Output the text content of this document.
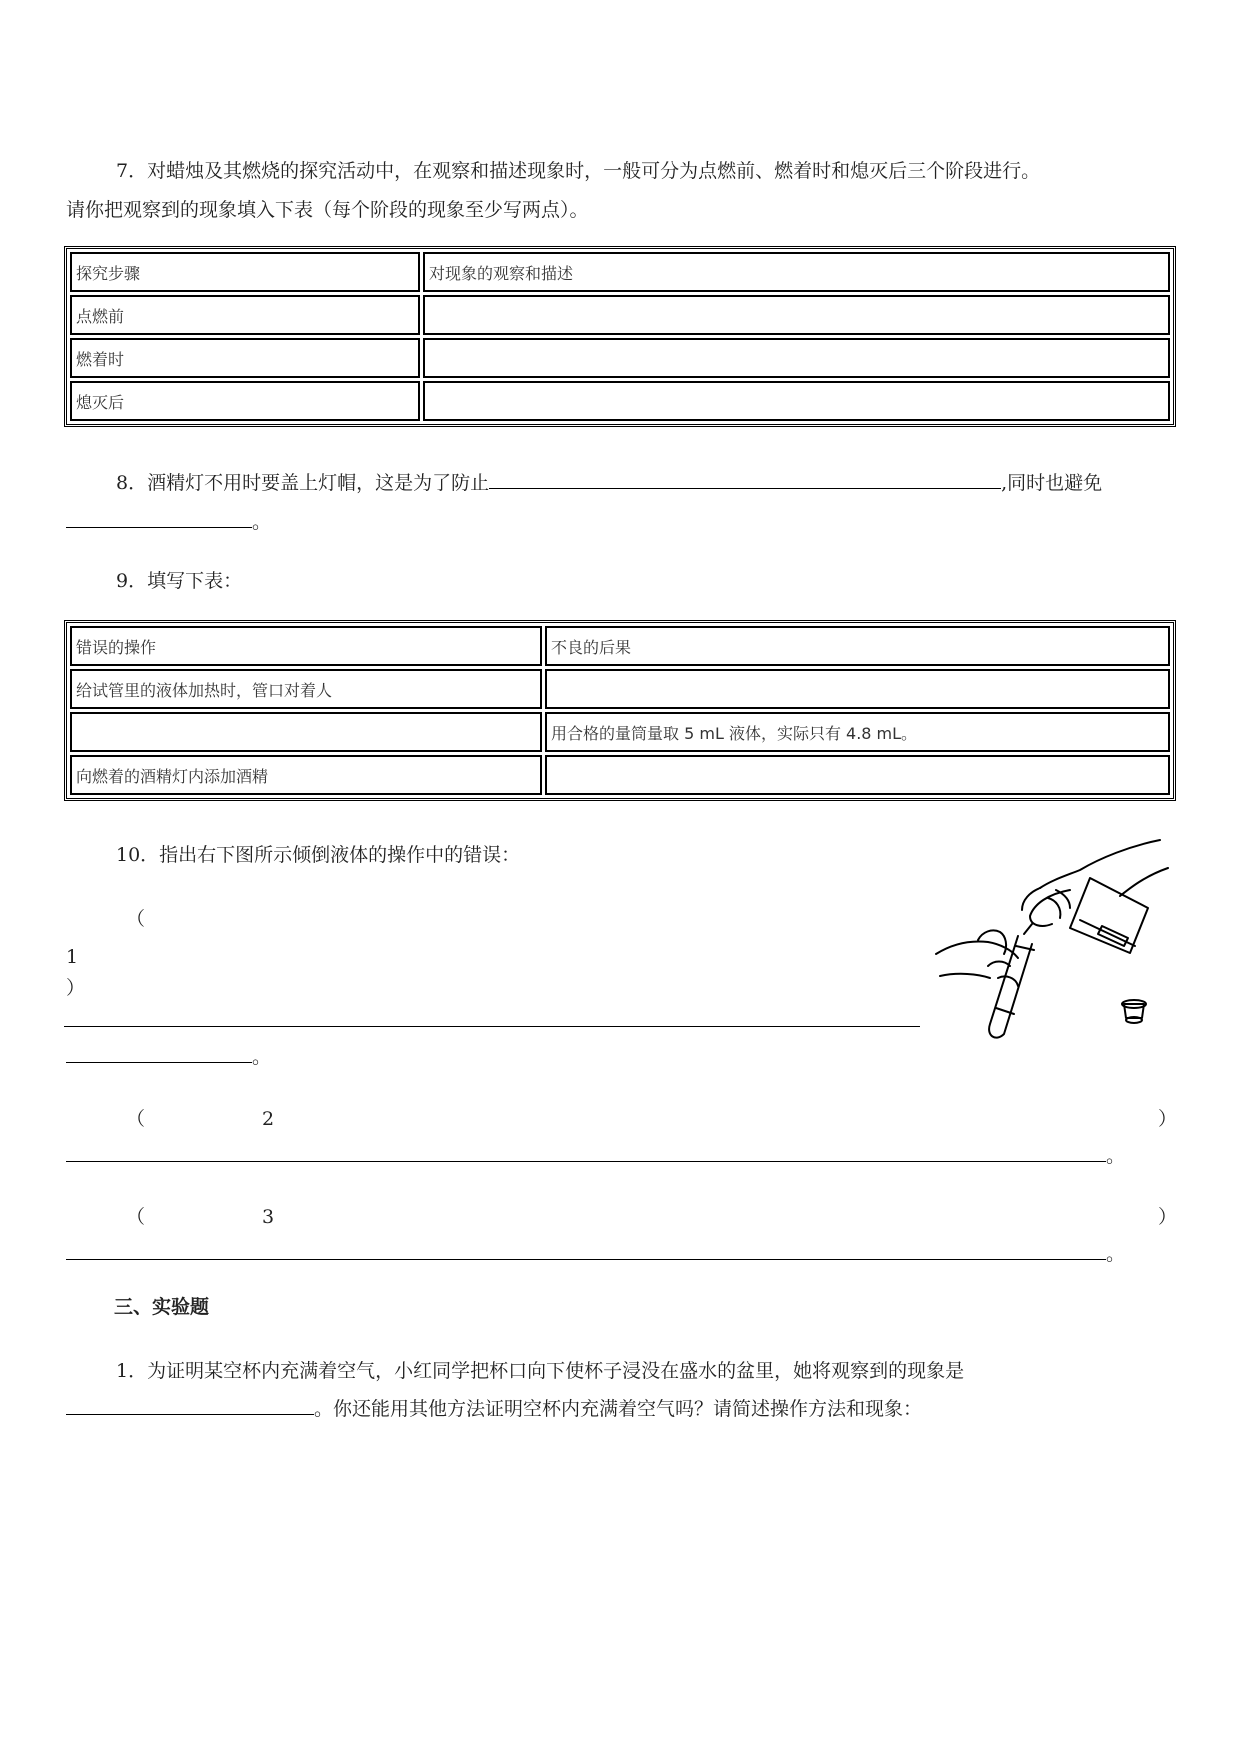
7．对蜡烛及其燃烧的探究活动中，在观察和描述现象时，一般可分为点燃前、燃着时和熄灭后三个阶段进行。
请你把观察到的现象填入下表（每个阶段的现象至少写两点）。
探究步骤	对现象的观察和描述
点燃前	
燃着时	
熄灭后	
8．酒精灯不用时要盖上灯帽，这是为了防止	,同时也避免
。
9．填写下表：
错误的操作	不良的后果
给试管里的液体加热时，管口对着人	
	用合格的量筒量取 5 mL 液体，实际只有 4.8 mL。
向燃着的酒精灯内添加酒精	
10．指出右下图所示倾倒液体的操作中的错误：
（
1
）
。
（	2	）
。
（	3	）
。
三、实验题
1．为证明某空杯内充满着空气，小红同学把杯口向下使杯子浸没在盛水的盆里，她将观察到的现象是
。你还能用其他方法证明空杯内充满着空气吗？请简述操作方法和现象：
